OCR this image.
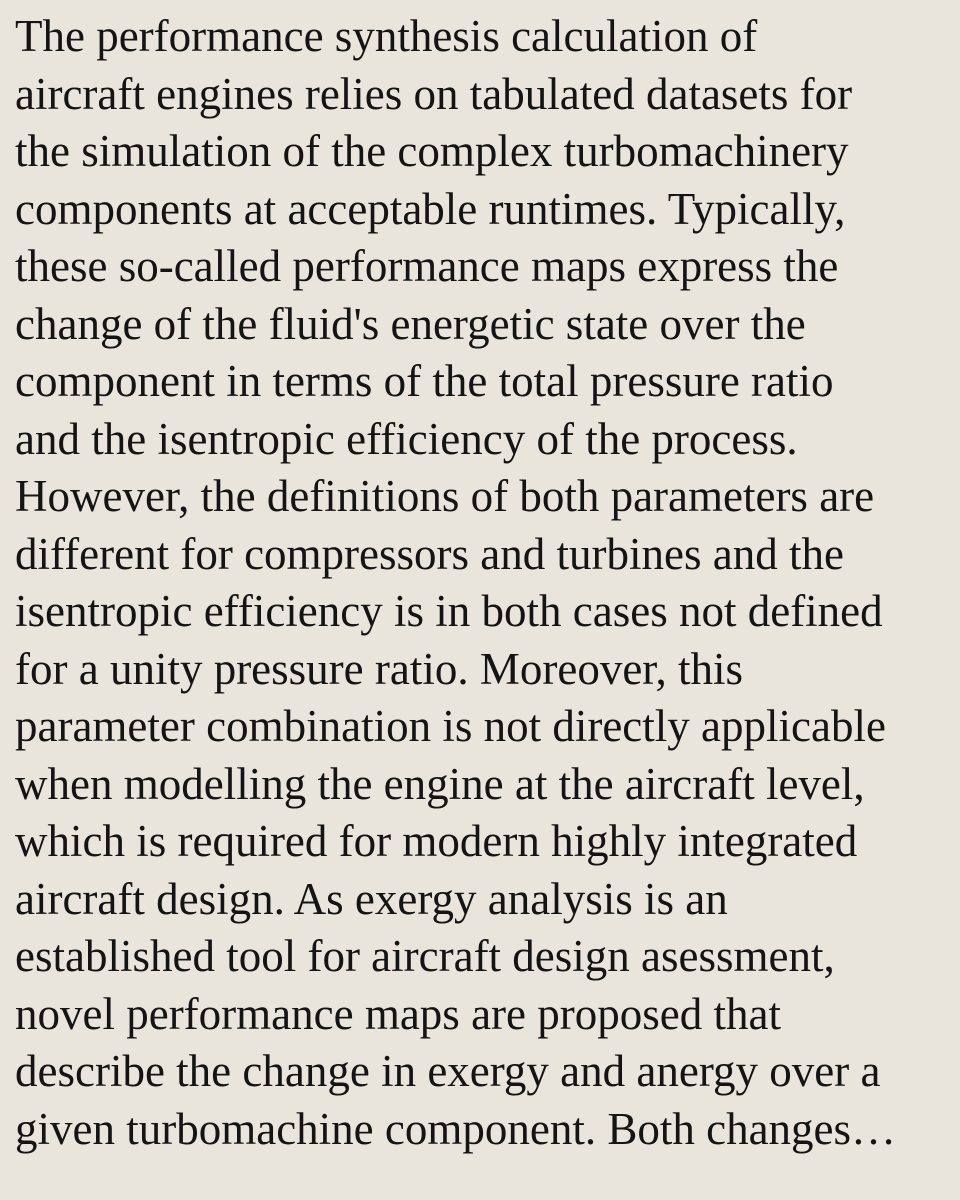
The performance synthesis calculation of
aircraft engines relies on tabulated datasets for
the simulation of the complex turbomachinery
components at acceptable runtimes. Typically,
these so-called performance maps express the
change of the fluid's energetic state over the
component in terms of the total pressure ratio
and the isentropic efficiency of the process.
However, the definitions of both parameters are
different for compressors and turbines and the
isentropic efficiency is in both cases not defined
for a unity pressure ratio. Moreover, this
parameter combination is not directly applicable
when modelling the engine at the aircraft level,
which is required for modern highly integrated
aircraft design. As exergy analysis is an
established tool for aircraft design asessment,
novel performance maps are proposed that
describe the change in exergy and anergy over a
given turbomachine component. Both changes…
